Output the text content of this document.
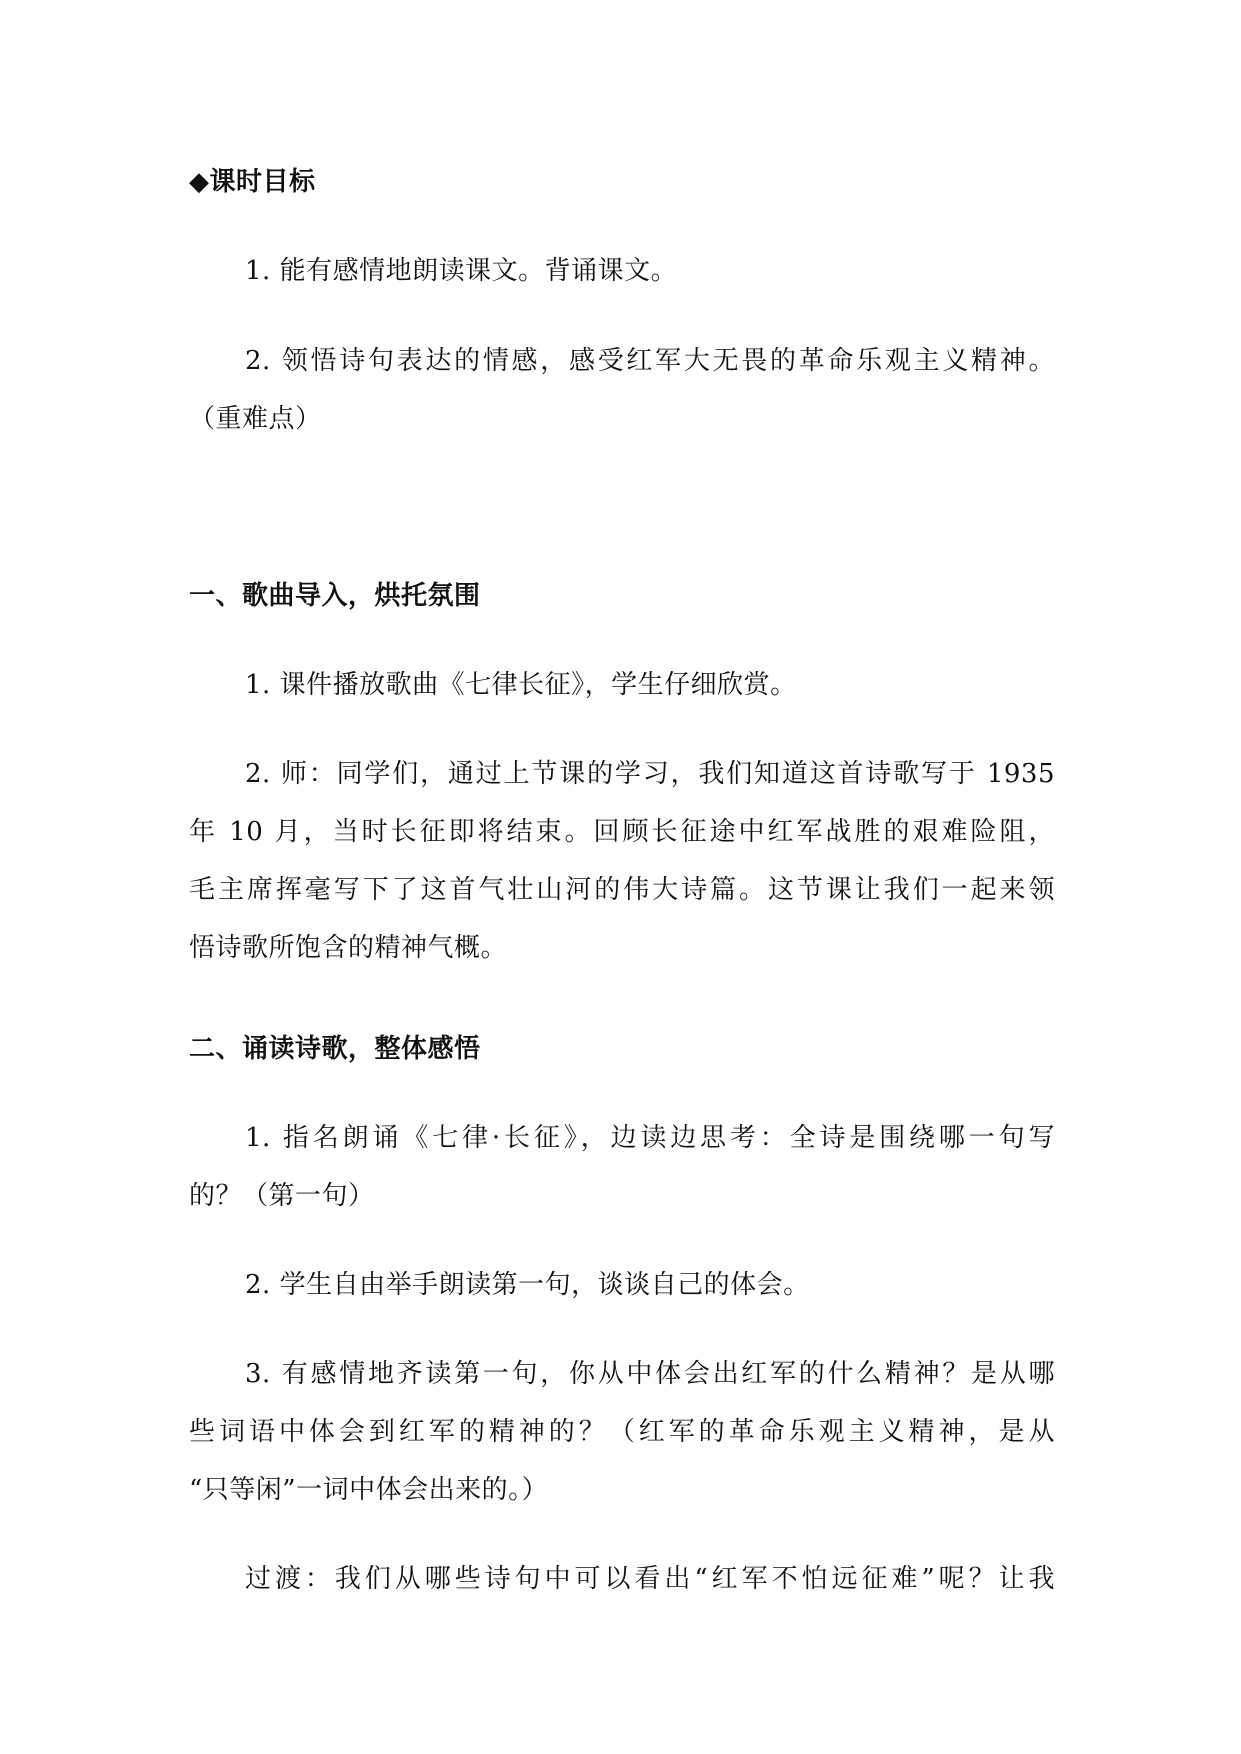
◆课时目标
1. 能有感情地朗读课文。背诵课文。
2. 领悟诗句表达的情感，感受红军大无畏的革命乐观主义精神。
（重难点）
一、歌曲导入，烘托氛围
1. 课件播放歌曲《七律长征》，学生仔细欣赏。
2. 师：同学们，通过上节课的学习，我们知道这首诗歌写于 1935
年 10 月，当时长征即将结束。回顾长征途中红军战胜的艰难险阻，
毛主席挥毫写下了这首气壮山河的伟大诗篇。这节课让我们一起来领
悟诗歌所饱含的精神气概。
二、诵读诗歌，整体感悟
1. 指名朗诵《七律·长征》，边读边思考：全诗是围绕哪一句写
的？（第一句）
2. 学生自由举手朗读第一句，谈谈自己的体会。
3. 有感情地齐读第一句，你从中体会出红军的什么精神？是从哪
些词语中体会到红军的精神的？（红军的革命乐观主义精神，是从
“只等闲”一词中体会出来的。）
过渡：我们从哪些诗句中可以看出“红军不怕远征难”呢？让我
